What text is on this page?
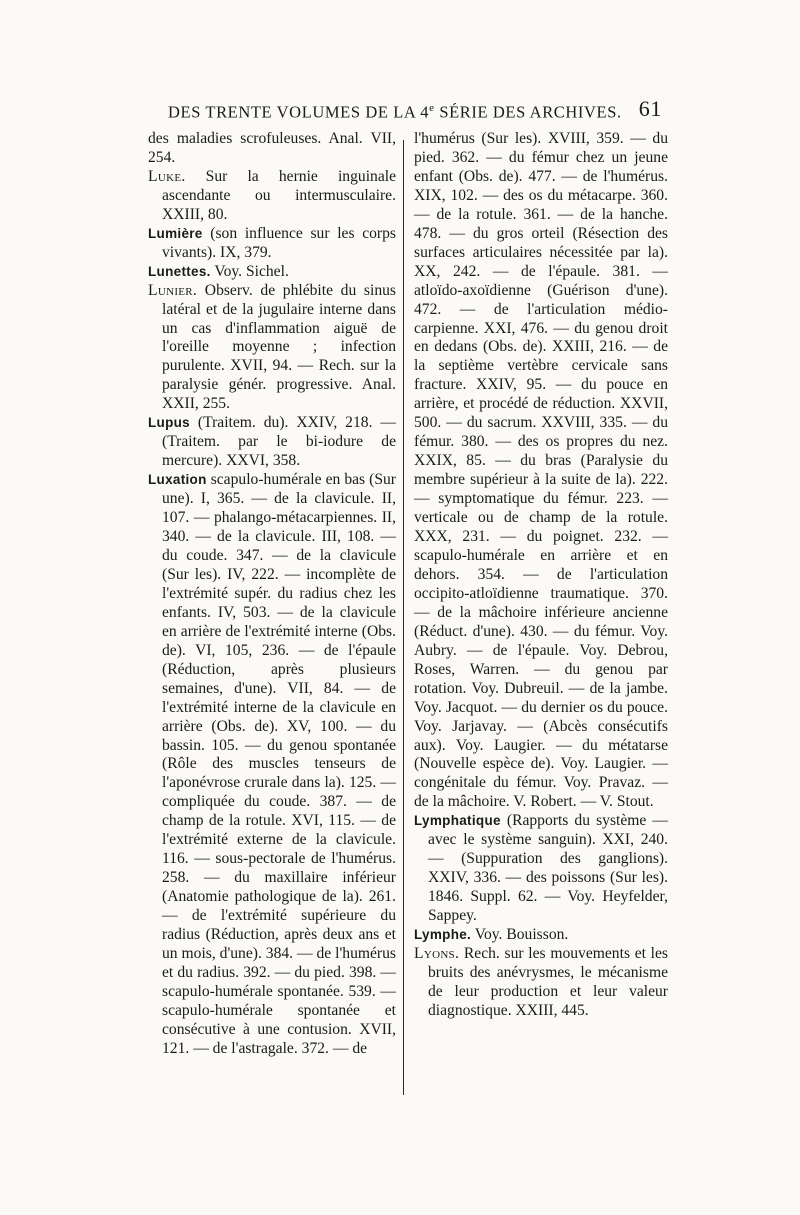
DES TRENTE VOLUMES DE LA 4e SÉRIE DES ARCHIVES. 61

des maladies scrofuleuses. Anal. VII, 254.

Luke. Sur la hernie inguinale ascendante ou intermusculaire. XXIII, 80.

Lumière (son influence sur les corps vivants). IX, 379.

Lunettes. Voy. Sichel.

Lunier. Observ. de phlébite du sinus latéral et de la jugulaire interne dans un cas d'inflammation aiguë de l'oreille moyenne ; infection purulente. XVII, 94. — Rech. sur la paralysie génér. progressive. Anal. XXII, 255.

Lupus (Traitem. du). XXIV, 218. — (Traitem. par le bi-iodure de mercure). XXVI, 358.

Luxation scapulo-humérale en bas (Sur une). I, 365. — de la clavicule. II, 107. — phalango-métacarpiennes. II, 340. — de la clavicule. III, 108. — du coude. 347. — de la clavicule (Sur les). IV, 222. — incomplète de l'extrémité supér. du radius chez les enfants. IV, 503. — de la clavicule en arrière de l'extrémité interne (Obs. de). VI, 105, 236. — de l'épaule (Réduction, après plusieurs semaines, d'une). VII, 84. — de l'extrémité interne de la clavicule en arrière (Obs. de). XV, 100. — du bassin. 105. — du genou spontanée (Rôle des muscles tenseurs de l'aponévrose crurale dans la). 125. — compliquée du coude. 387. — de champ de la rotule. XVI, 115. — de l'extrémité externe de la clavicule. 116. — sous-pectorale de l'humérus. 258. — du maxillaire inférieur (Anatomie pathologique de la). 261. — de l'extrémité supérieure du radius (Réduction, après deux ans et un mois, d'une). 384. — de l'humérus et du radius. 392. — du pied. 398. — scapulo-humérale spontanée. 539. — scapulo-humérale spontanée et consécutive à une contusion. XVII, 121. — de l'astragale. 372. — de

l'humérus (Sur les). XVIII, 359. — du pied. 362. — du fémur chez un jeune enfant (Obs. de). 477. — de l'humérus. XIX, 102. — des os du métacarpe. 360. — de la rotule. 361. — de la hanche. 478. — du gros orteil (Résection des surfaces articulaires nécessitée par la). XX, 242. — de l'épaule. 381. — atloïdo-axoïdienne (Guérison d'une). 472. — de l'articulation médio-carpienne. XXI, 476. — du genou droit en dedans (Obs. de). XXIII, 216. — de la septième vertèbre cervicale sans fracture. XXIV, 95. — du pouce en arrière, et procédé de réduction. XXVII, 500. — du sacrum. XXVIII, 335. — du fémur. 380. — des os propres du nez. XXIX, 85. — du bras (Paralysie du membre supérieur à la suite de la). 222. — symptomatique du fémur. 223. — verticale ou de champ de la rotule. XXX, 231. — du poignet. 232. — scapulo-humérale en arrière et en dehors. 354. — de l'articulation occipito-atloïdienne traumatique. 370. — de la mâchoire inférieure ancienne (Réduct. d'une). 430. — du fémur. Voy. Aubry. — de l'épaule. Voy. Debrou, Roses, Warren. — du genou par rotation. Voy. Dubreuil. — de la jambe. Voy. Jacquot. — du dernier os du pouce. Voy. Jarjavay. — (Abcès consécutifs aux). Voy. Laugier. — du métatarse (Nouvelle espèce de). Voy. Laugier. — congénitale du fémur. Voy. Pravaz. — de la mâchoire. V. Robert. — V. Stout.

Lymphatique (Rapports du système — avec le système sanguin). XXI, 240. — (Suppuration des ganglions). XXIV, 336. — des poissons (Sur les). 1846. Suppl. 62. — Voy. Heyfelder, Sappey.

Lymphe. Voy. Bouisson.

Lyons. Rech. sur les mouvements et les bruits des anévrysmes, le mécanisme de leur production et leur valeur diagnostique. XXIII, 445.
